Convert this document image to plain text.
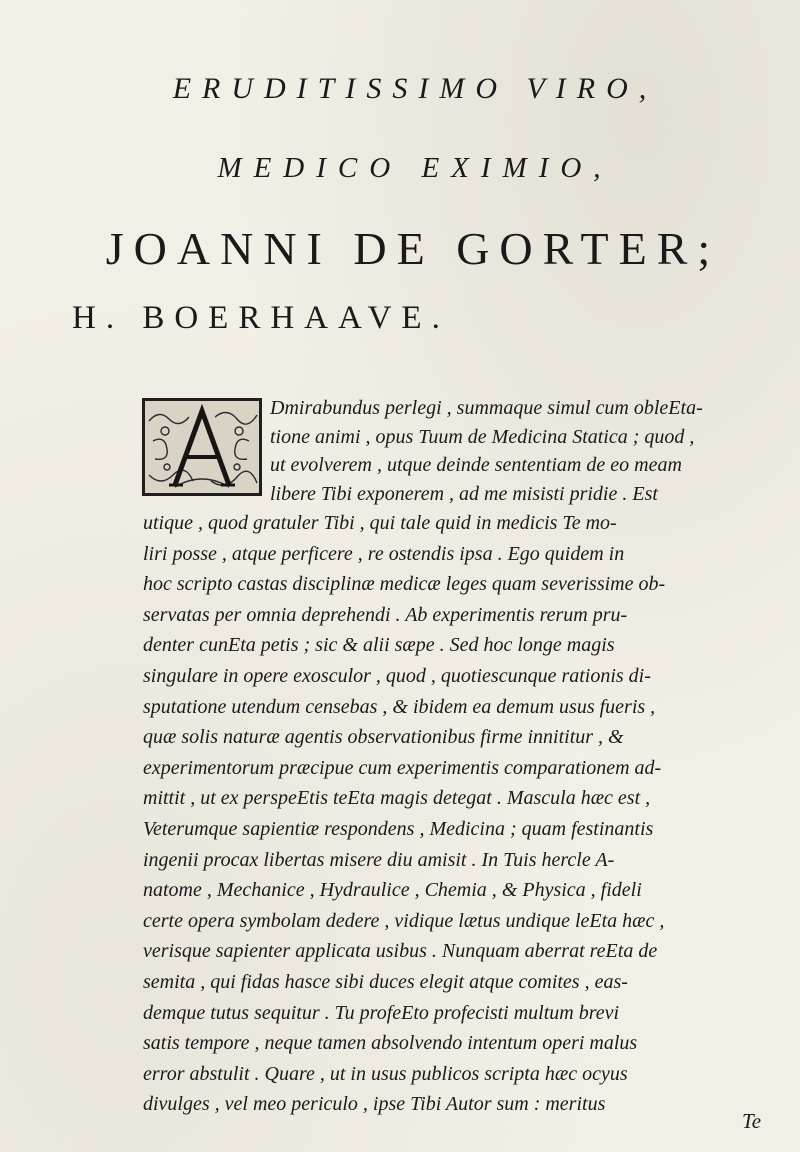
ERUDITISSIMO VIRO,
MEDICO EXIMIO,
JOANNI DE GORTER;
H. BOERHAAVE.
Dmirabundus perlegi , summaque simul cum obleEta-
tione animi , opus Tuum de Medicina Statica ; quod ,
ut evolverem , utque deinde sententiam de eo meam
libere Tibi exponerem , ad me misisti pridie . Est
utique , quod gratuler Tibi , qui tale quid in medicis Te mo-
liri posse , atque perficere , re ostendis ipsa . Ego quidem in
hoc scripto castas disciplinæ medicæ leges quam severissime ob-
servatas per omnia deprehendi . Ab experimentis rerum pru-
denter cunEta petis ; sic & alii sæpe . Sed hoc longe magis
singulare in opere exosculor , quod , quotiescunque rationis di-
sputatione utendum censebas , & ibidem ea demum usus fueris ,
quæ solis naturæ agentis observationibus firme innititur , &
experimentorum præcipue cum experimentis comparationem ad-
mittit , ut ex perspeEtis teEta magis detegat . Mascula hæc est ,
Veterumque sapientiæ respondens , Medicina ; quam festinantis
ingenii procax libertas misere diu amisit . In Tuis hercle A-
natome , Mechanice , Hydraulice , Chemia , & Physica , fideli
certe opera symbolam dedere , vidique lætus undique leEta hæc ,
verisque sapienter applicata usibus . Nunquam aberrat reEta de
semita , qui fidas hasce sibi duces elegit atque comites , eas-
demque tutus sequitur . Tu profeEto profecisti multum brevi
satis tempore , neque tamen absolvendo intentum operi malus
error abstulit . Quare , ut in usus publicos scripta hæc ocyus
divulges , vel meo periculo , ipse Tibi Autor sum : meritus
Te
